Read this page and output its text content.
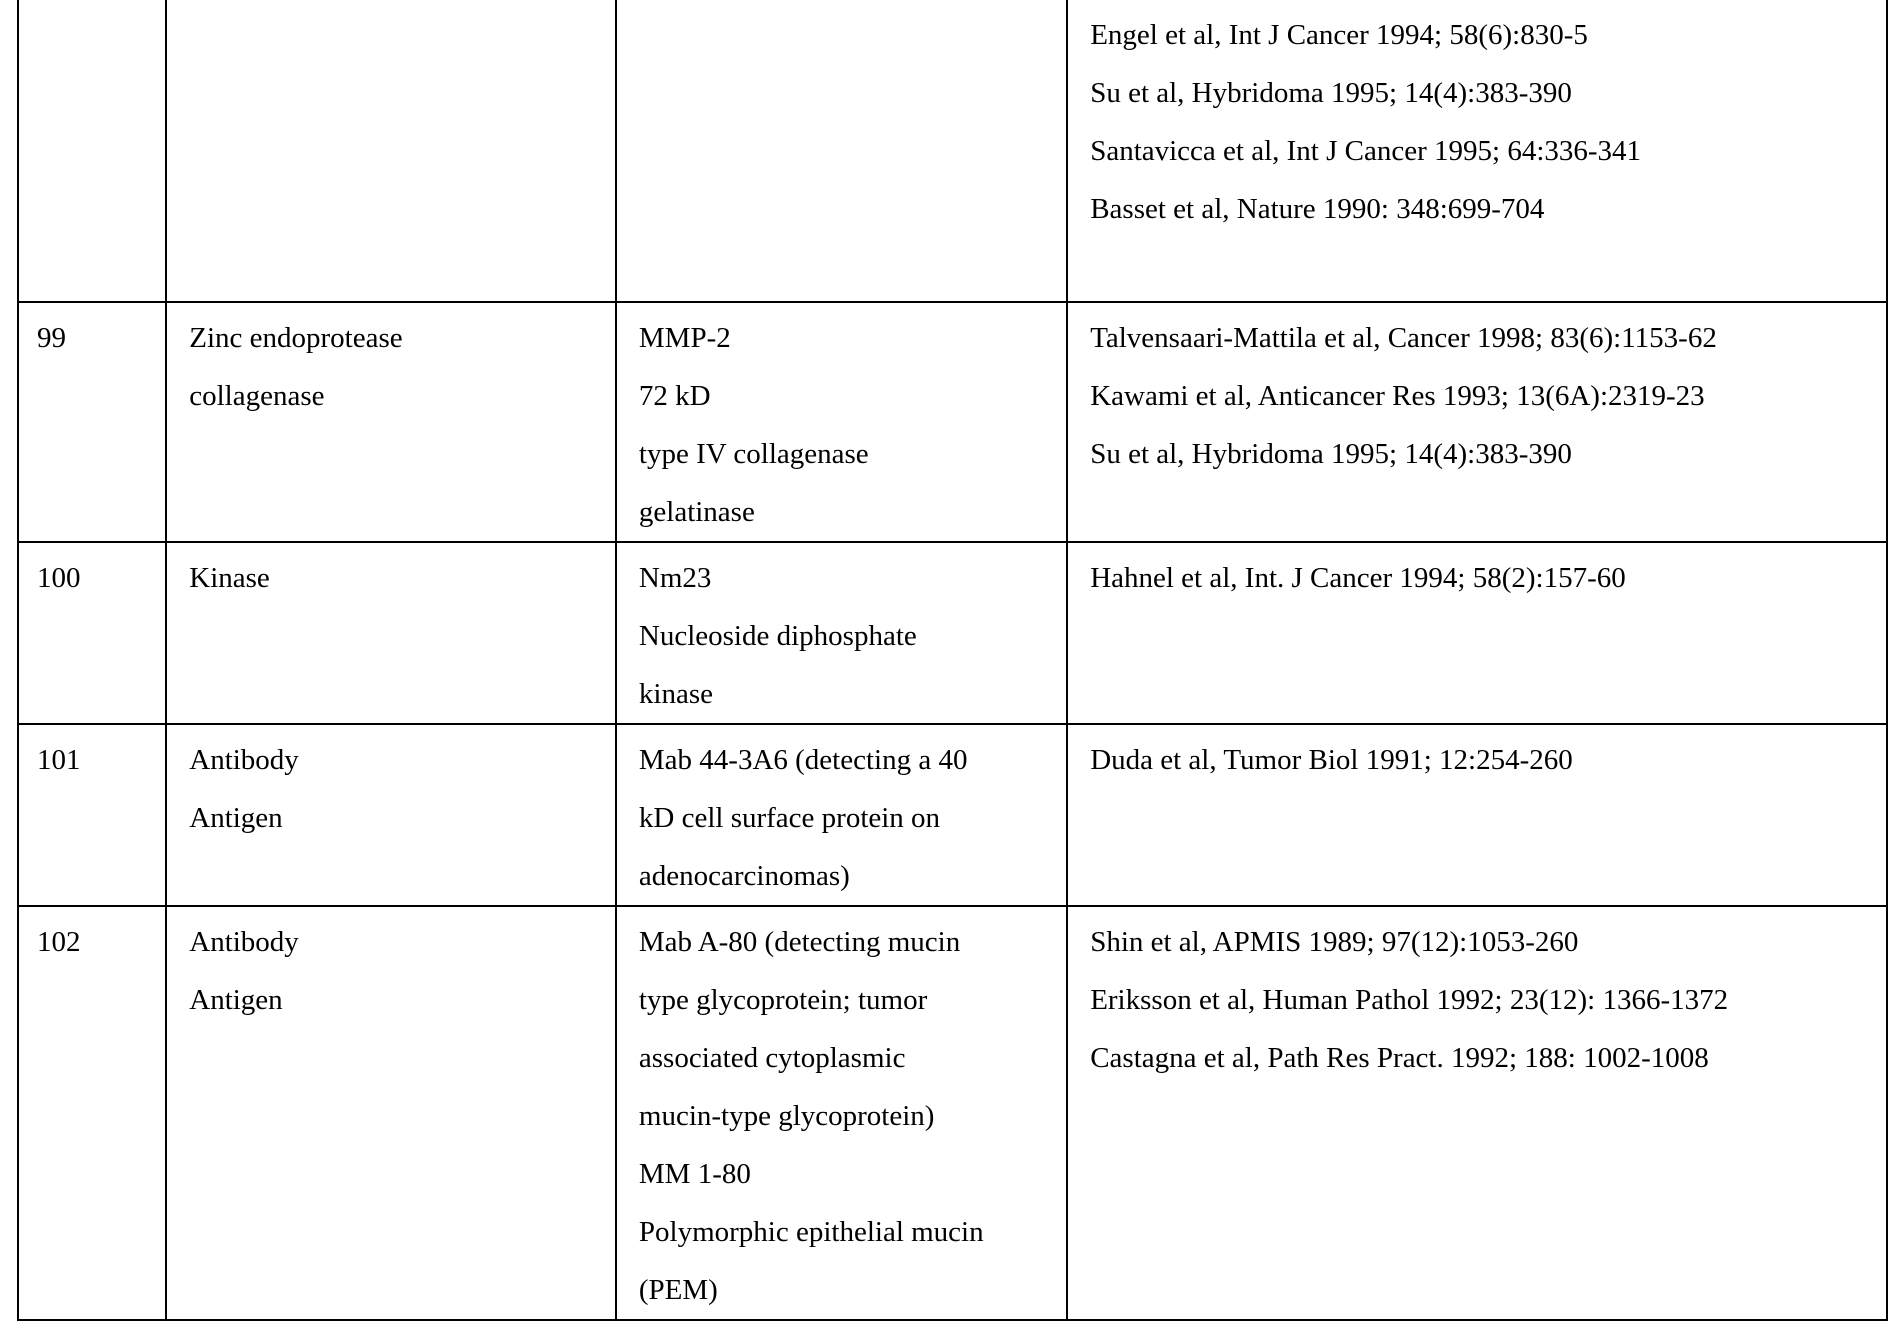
Engel et al, Int J Cancer 1994; 58(6):830-5
Su et al, Hybridoma 1995; 14(4):383-390
Santavicca et al, Int J Cancer 1995; 64:336-341
Basset et al, Nature 1990: 348:699-704

99	Zinc endoprotease
collagenase

MMP-2
72 kD
type IV collagenase
gelatinase

Talvensaari-Mattila et al, Cancer 1998; 83(6):1153-62
Kawami et al, Anticancer Res 1993; 13(6A):2319-23
Su et al, Hybridoma 1995; 14(4):383-390

100	Kinase	Nm23
Nucleoside diphosphate
kinase

Hahnel et al, Int. J Cancer 1994; 58(2):157-60

101	Antibody
Antigen

Mab 44-3A6 (detecting a 40
kD cell surface protein on
adenocarcinomas)

Duda et al, Tumor Biol 1991; 12:254-260

102	Antibody
Antigen

Mab A-80 (detecting mucin
type glycoprotein; tumor
associated cytoplasmic
mucin-type glycoprotein)
MM 1-80
Polymorphic epithelial mucin
(PEM)

Shin et al, APMIS 1989; 97(12):1053-260
Eriksson et al, Human Pathol 1992; 23(12): 1366-1372
Castagna et al, Path Res Pract. 1992; 188: 1002-1008
